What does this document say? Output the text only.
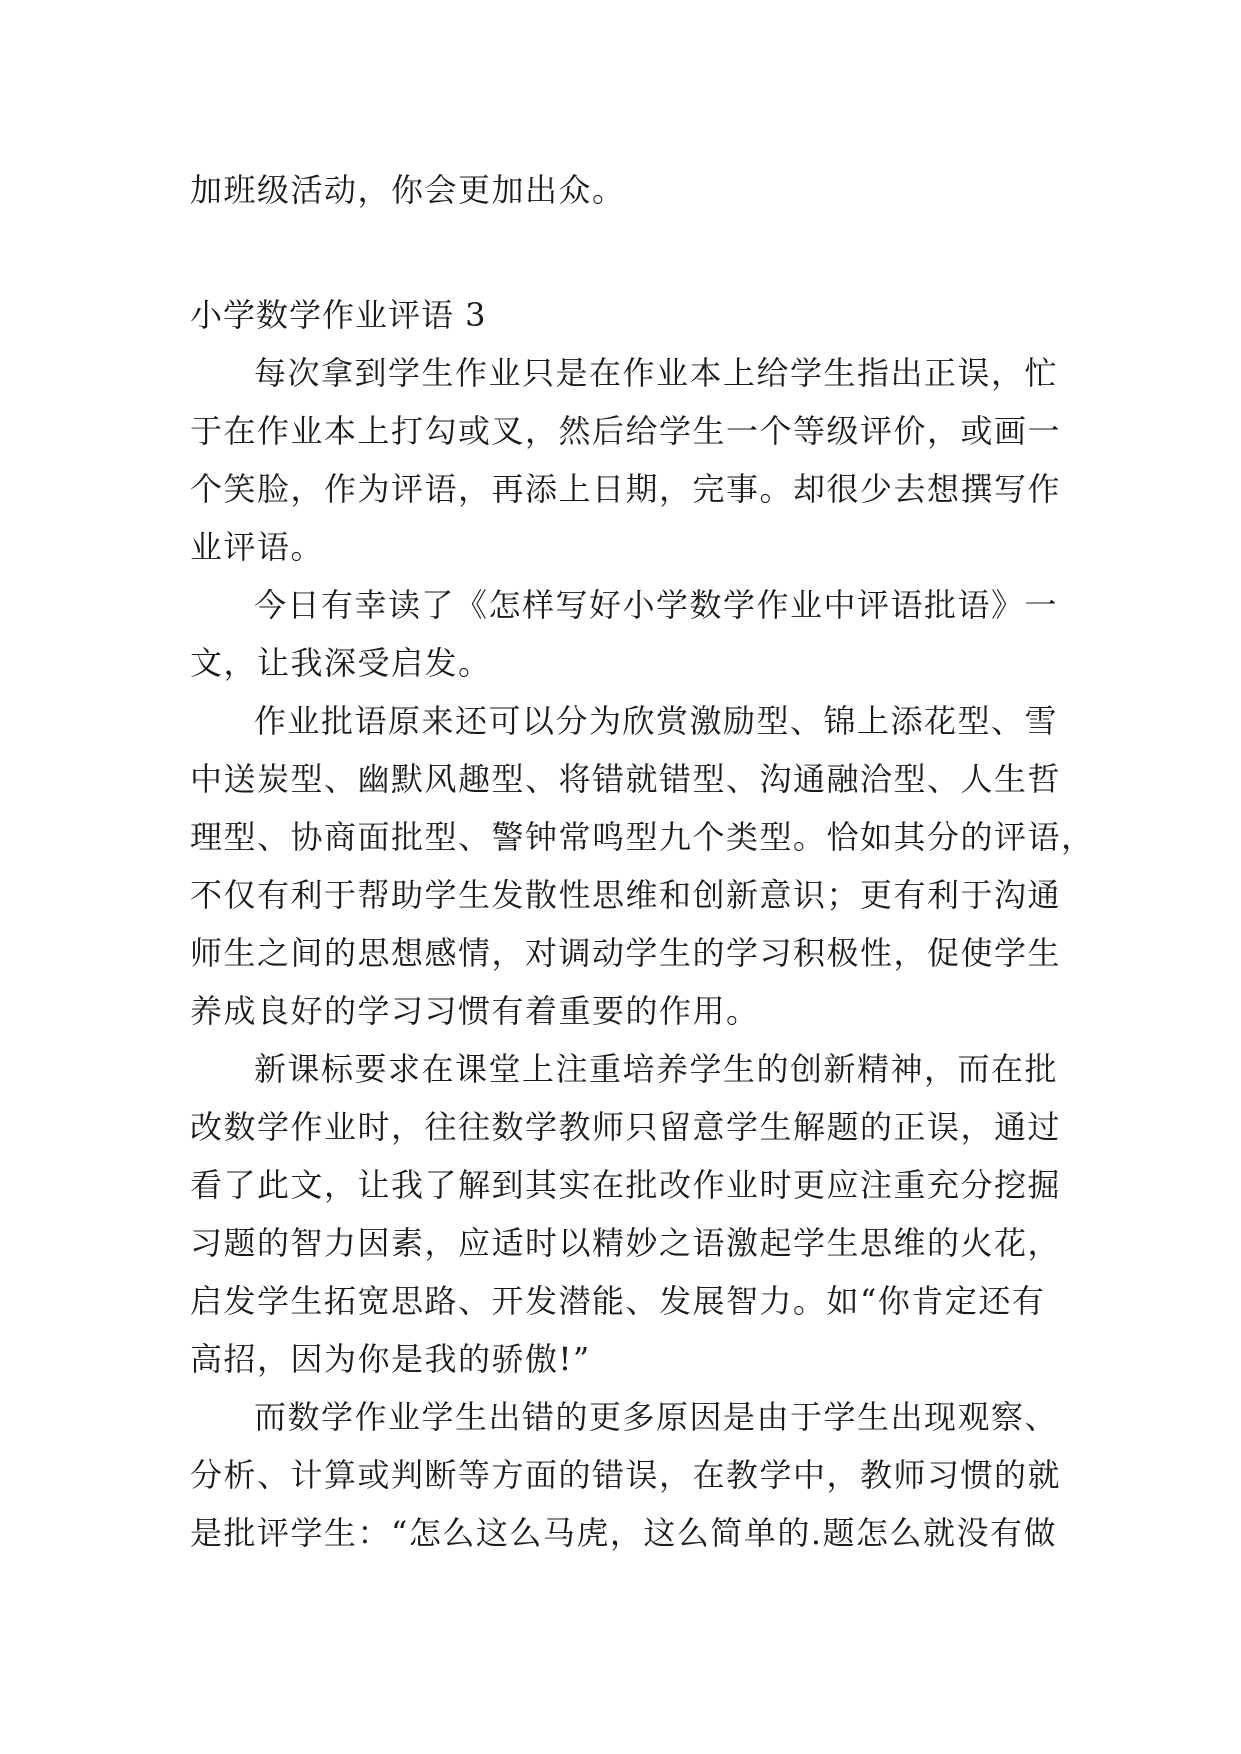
加班级活动，你会更加出众。

小学数学作业评语 3

每次拿到学生作业只是在作业本上给学生指出正误，忙

于在作业本上打勾或叉，然后给学生一个等级评价，或画一

个笑脸，作为评语，再添上日期，完事。却很少去想撰写作

业评语。

今日有幸读了《怎样写好小学数学作业中评语批语》一

文，让我深受启发。

作业批语原来还可以分为欣赏激励型、锦上添花型、雪

中送炭型、幽默风趣型、将错就错型、沟通融洽型、人生哲

理型、协商面批型、警钟常鸣型九个类型。恰如其分的评语，

不仅有利于帮助学生发散性思维和创新意识；更有利于沟通

师生之间的思想感情，对调动学生的学习积极性，促使学生

养成良好的学习习惯有着重要的作用。

新课标要求在课堂上注重培养学生的创新精神，而在批

改数学作业时，往往数学教师只留意学生解题的正误，通过

看了此文，让我了解到其实在批改作业时更应注重充分挖掘

习题的智力因素，应适时以精妙之语激起学生思维的火花，

启发学生拓宽思路、开发潜能、发展智力。如“你肯定还有

高招，因为你是我的骄傲!”

而数学作业学生出错的更多原因是由于学生出现观察、

分析、计算或判断等方面的错误，在教学中，教师习惯的就

是批评学生：“怎么这么马虎，这么简单的.题怎么就没有做
